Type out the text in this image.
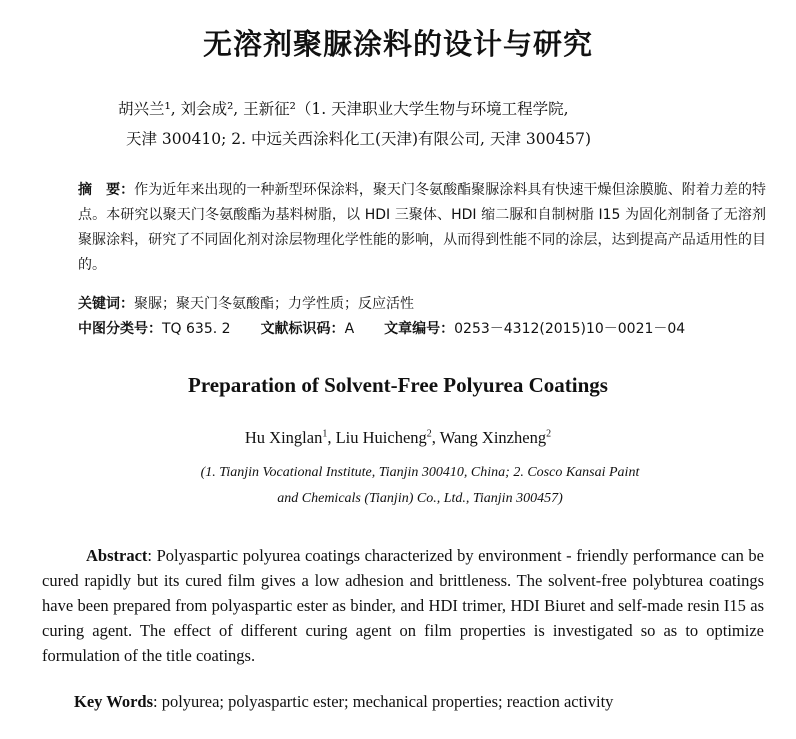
无溶剂聚脲涂料的设计与研究
胡兴兰¹, 刘会成², 王新征²（1. 天津职业大学生物与环境工程学院,
天津 300410; 2. 中远关西涂料化工(天津)有限公司, 天津 300457)

摘　要：作为近年来出现的一种新型环保涂料，聚天门冬氨酸酯聚脲涂料具有快速干燥但涂膜脆、附着力差的特点。本研究以聚天门冬氨酸酯为基料树脂，以 HDI 三聚体、HDI 缩二脲和自制树脂 I15 为固化剂制备了无溶剂聚脲涂料，研究了不同固化剂对涂层物理化学性能的影响，从而得到性能不同的涂层，达到提高产品适用性的目的。

关键词：聚脲；聚天门冬氨酸酯；力学性质；反应活性

中图分类号：TQ 635. 2 文献标识码：A 文章编号：0253－4312(2015)10－0021－04

Preparation of Solvent-Free Polyurea Coatings
Hu Xinglan$^1$, Liu Huicheng$^2$, Wang Xinzheng$^2$
(1. Tianjin Vocational Institute, Tianjin 300410, China; 2. Cosco Kansai Paint
and Chemicals (Tianjin) Co., Ltd., Tianjin 300457)

Abstract: Polyaspartic polyurea coatings characterized by environment - friendly performance can be cured rapidly but its cured film gives a low adhesion and brittleness. The solvent-free polybturea coatings have been prepared from polyaspartic ester as binder, and HDI trimer, HDI Biuret and self-made resin I15 as curing agent. The effect of different curing agent on film properties is investigated so as to optimize formulation of the title coatings.

Key Words: polyurea; polyaspartic ester; mechanical properties; reaction activity
